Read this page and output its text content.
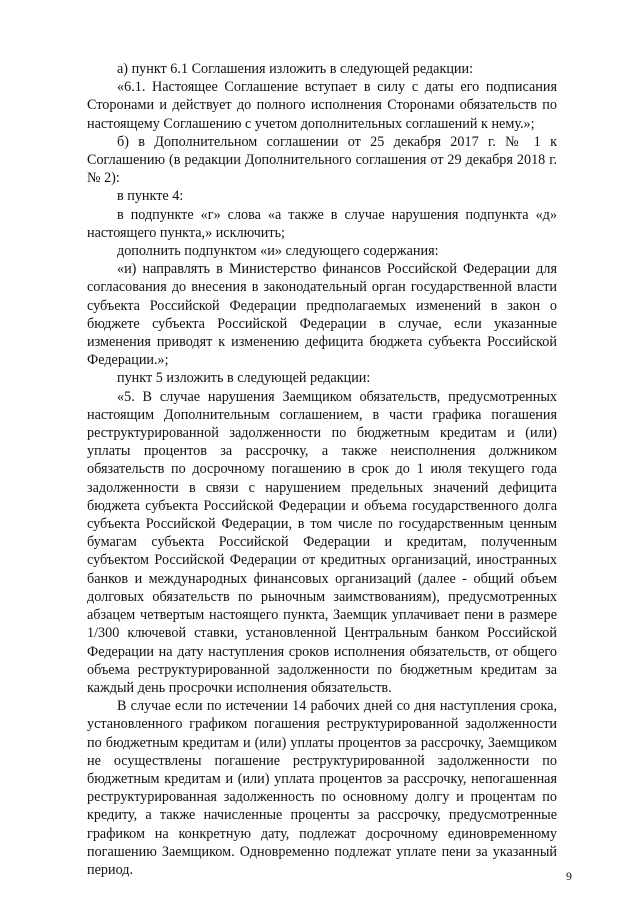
а) пункт 6.1 Соглашения изложить в следующей редакции:

«6.1. Настоящее Соглашение вступает в силу с даты его подписания Сторонами и действует до полного исполнения Сторонами обязательств по настоящему Соглашению с учетом дополнительных соглашений к нему.»;

б) в Дополнительном соглашении от 25 декабря 2017 г. № 1 к Соглашению (в редакции Дополнительного соглашения от 29 декабря 2018 г. № 2):

в пункте 4:

в подпункте «г» слова «а также в случае нарушения подпункта «д» настоящего пункта,» исключить;

дополнить подпунктом «и» следующего содержания:

«и) направлять в Министерство финансов Российской Федерации для согласования до внесения в законодательный орган государственной власти субъекта Российской Федерации предполагаемых изменений в закон о бюджете субъекта Российской Федерации в случае, если указанные изменения приводят к изменению дефицита бюджета субъекта Российской Федерации.»;

пункт 5 изложить в следующей редакции:

«5. В случае нарушения Заемщиком обязательств, предусмотренных настоящим Дополнительным соглашением, в части графика погашения реструктурированной задолженности по бюджетным кредитам и (или) уплаты процентов за рассрочку, а также неисполнения должником обязательств по досрочному погашению в срок до 1 июля текущего года задолженности в связи с нарушением предельных значений дефицита бюджета субъекта Российской Федерации и объема государственного долга субъекта Российской Федерации, в том числе по государственным ценным бумагам субъекта Российской Федерации и кредитам, полученным субъектом Российской Федерации от кредитных организаций, иностранных банков и международных финансовых организаций (далее - общий объем долговых обязательств по рыночным заимствованиям), предусмотренных абзацем четвертым настоящего пункта, Заемщик уплачивает пени в размере 1/300 ключевой ставки, установленной Центральным банком Российской Федерации на дату наступления сроков исполнения обязательств, от общего объема реструктурированной задолженности по бюджетным кредитам за каждый день просрочки исполнения обязательств.

В случае если по истечении 14 рабочих дней со дня наступления срока, установленного графиком погашения реструктурированной задолженности по бюджетным кредитам и (или) уплаты процентов за рассрочку, Заемщиком не осуществлены погашение реструктурированной задолженности по бюджетным кредитам и (или) уплата процентов за рассрочку, непогашенная реструктурированная задолженность по основному долгу и процентам по кредиту, а также начисленные проценты за рассрочку, предусмотренные графиком на конкретную дату, подлежат досрочному единовременному погашению Заемщиком. Одновременно подлежат уплате пени за указанный период.	9
